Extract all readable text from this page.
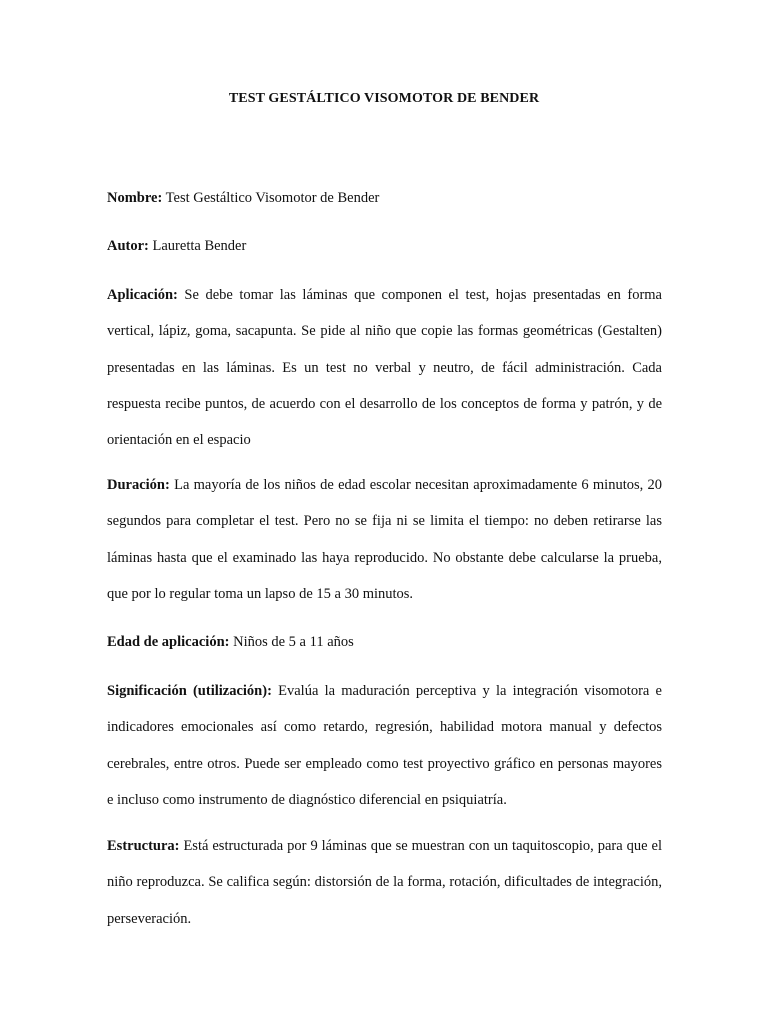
TEST GESTÁLTICO VISOMOTOR DE BENDER
Nombre: Test Gestáltico Visomotor de Bender
Autor: Lauretta Bender
Aplicación: Se debe tomar las láminas que componen el test, hojas presentadas en forma vertical, lápiz, goma, sacapunta. Se pide al niño que copie las formas geométricas (Gestalten) presentadas en las láminas. Es un test no verbal y neutro, de fácil administración. Cada respuesta recibe puntos, de acuerdo con el desarrollo de los conceptos de forma y patrón, y de orientación en el espacio
Duración: La mayoría de los niños de edad escolar necesitan aproximadamente 6 minutos, 20 segundos para completar el test. Pero no se fija ni se limita el tiempo: no deben retirarse las láminas hasta que el examinado las haya reproducido. No obstante debe calcularse la prueba, que por lo regular toma un lapso de 15 a 30 minutos.
Edad de aplicación: Niños de 5 a 11 años
Significación (utilización): Evalúa la maduración perceptiva y la integración visomotora e indicadores emocionales así como retardo, regresión, habilidad motora manual y defectos cerebrales, entre otros. Puede ser empleado como test proyectivo gráfico en personas mayores e incluso como instrumento de diagnóstico diferencial en psiquiatría.
Estructura: Está estructurada por 9 láminas que se muestran con un taquitoscopio, para que el niño reproduzca. Se califica según: distorsión de la forma, rotación, dificultades de integración, perseveración.
